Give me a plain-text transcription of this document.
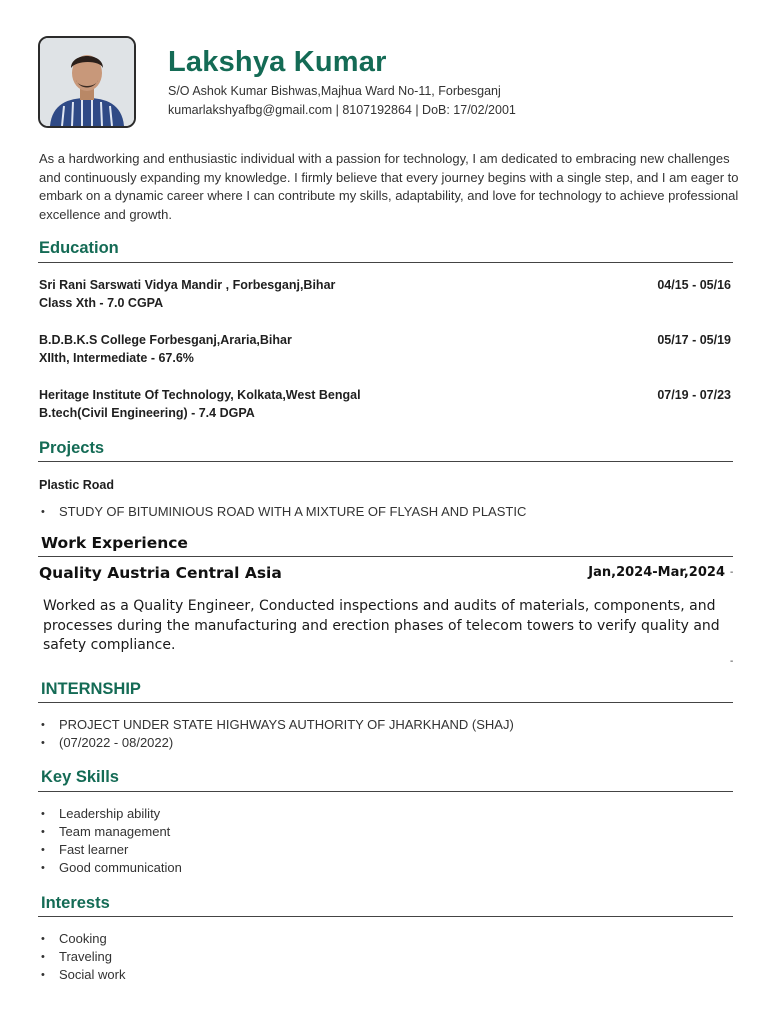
Lakshya Kumar
S/O Ashok Kumar Bishwas,Majhua Ward No-11, Forbesganj
kumarlakshyafbg@gmail.com | 8107192864 | DoB: 17/02/2001
As a hardworking and enthusiastic individual with a passion for technology, I am dedicated to embracing new challenges and continuously expanding my knowledge. I firmly believe that every journey begins with a single step, and I am eager to embark on a dynamic career where I can contribute my skills, adaptability, and love for technology to achieve professional excellence and growth.
Education
Sri Rani Sarswati Vidya Mandir , Forbesganj,Bihar
Class Xth - 7.0 CGPA
04/15 - 05/16
B.D.B.K.S College Forbesganj,Araria,Bihar
XIIth, Intermediate - 67.6%
05/17 - 05/19
Heritage Institute Of Technology, Kolkata,West Bengal
B.tech(Civil Engineering) - 7.4 DGPA
07/19 - 07/23
Projects
Plastic Road
• STUDY OF BITUMINIOUS ROAD WITH A MIXTURE OF FLYASH AND PLASTIC
Work Experience
Quality Austria Central Asia	Jan,2024-Mar,2024 -
Worked as a Quality Engineer, Conducted inspections and audits of materials, components, and processes during the manufacturing and erection phases of telecom towers to verify quality and safety compliance.
-
INTERNSHIP
• PROJECT UNDER STATE HIGHWAYS AUTHORITY OF JHARKHAND (SHAJ)
• (07/2022 - 08/2022)
Key Skills
• Leadership ability
• Team management
• Fast learner
• Good communication
Interests
• Cooking
• Traveling
• Social work
